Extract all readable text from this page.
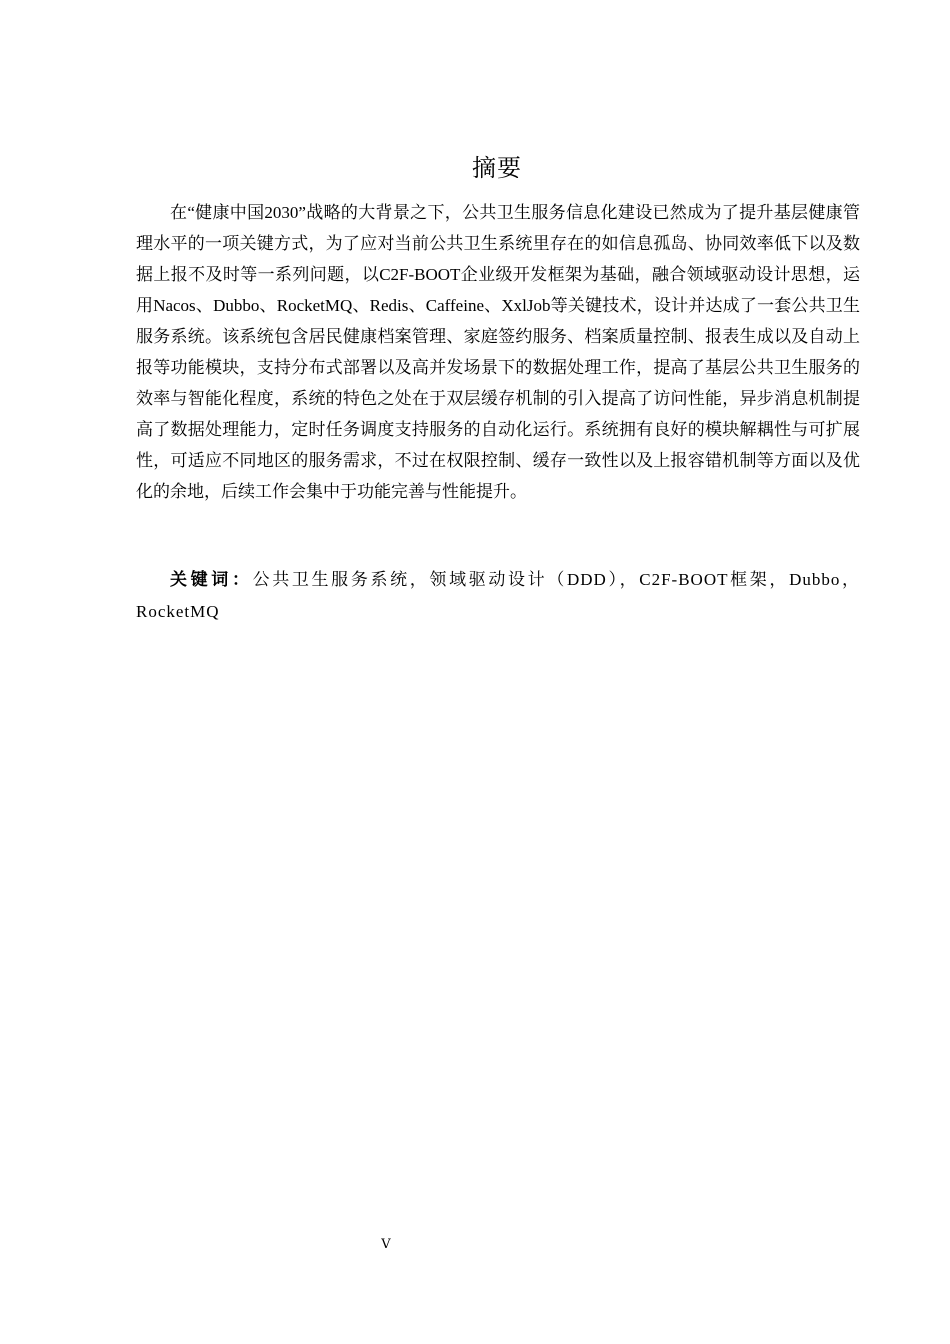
摘要

在“健康中国2030”战略的大背景之下，公共卫生服务信息化建设已然成为了提升基层健康管理水平的一项关键方式，为了应对当前公共卫生系统里存在的如信息孤岛、协同效率低下以及数据上报不及时等一系列问题，以C2F-BOOT企业级开发框架为基础，融合领域驱动设计思想，运用Nacos、Dubbo、RocketMQ、Redis、Caffeine、XxlJob等关键技术，设计并达成了一套公共卫生服务系统。该系统包含居民健康档案管理、家庭签约服务、档案质量控制、报表生成以及自动上报等功能模块，支持分布式部署以及高并发场景下的数据处理工作，提高了基层公共卫生服务的效率与智能化程度，系统的特色之处在于双层缓存机制的引入提高了访问性能，异步消息机制提高了数据处理能力，定时任务调度支持服务的自动化运行。系统拥有良好的模块解耦性与可扩展性，可适应不同地区的服务需求，不过在权限控制、缓存一致性以及上报容错机制等方面以及优化的余地，后续工作会集中于功能完善与性能提升。

关键词：公共卫生服务系统，领域驱动设计（DDD），C2F-BOOT框架，Dubbo，RocketMQ

V
